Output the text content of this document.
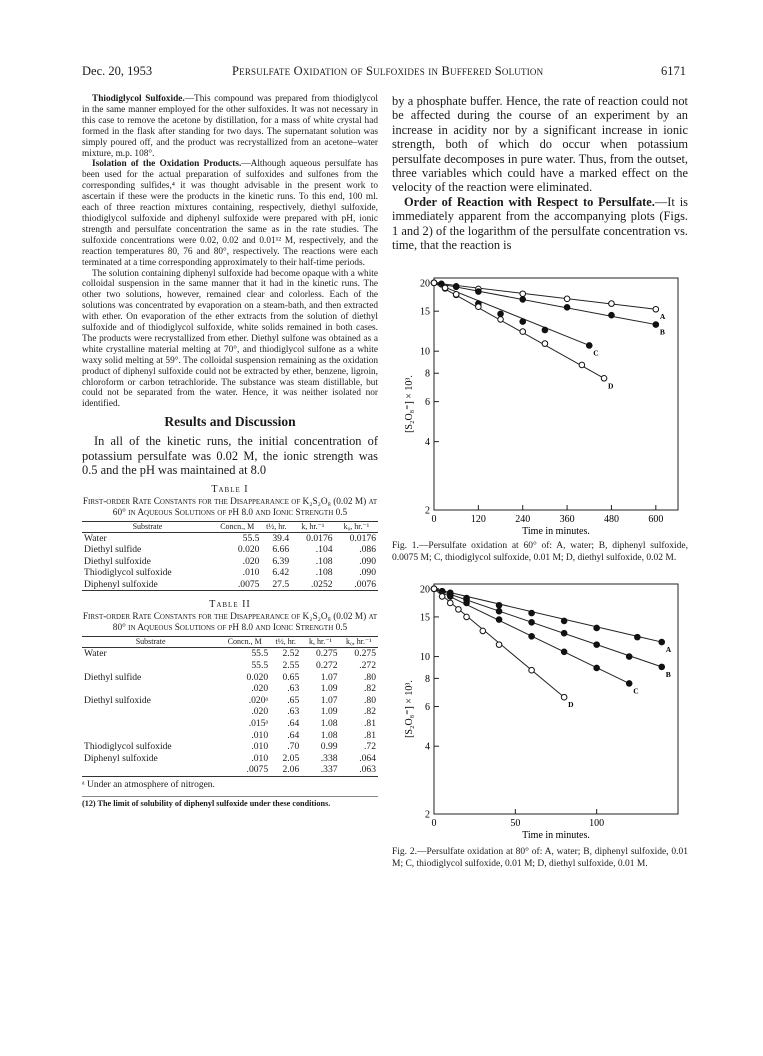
Dec. 20, 1953	Persulfate Oxidation of Sulfoxides in Buffered Solution	6171

Thiodiglycol Sulfoxide.—This compound was prepared from thiodiglycol in the same manner employed for the other sulfoxides. It was not necessary in this case to remove the acetone by distillation, for a mass of white crystal had formed in the flask after standing for two days. The supernatant solution was simply poured off, and the product was recrystallized from an acetone–water mixture, m.p. 108°.

Isolation of the Oxidation Products.—Although aqueous persulfate has been used for the actual preparation of sulfoxides and sulfones from the corresponding sulfides,⁴ it was thought advisable in the present work to ascertain if these were the products in the kinetic runs. To this end, 100 ml. each of three reaction mixtures containing, respectively, diethyl sulfoxide, thiodiglycol sulfoxide and diphenyl sulfoxide were prepared with pH, ionic strength and persulfate concentration the same as in the rate studies. The sulfoxide concentrations were 0.02, 0.02 and 0.01¹² M, respectively, and the reaction temperatures 80, 76 and 80°, respectively. The reactions were each terminated at a time corresponding approximately to their half-time periods.

The solution containing diphenyl sulfoxide had become opaque with a white colloidal suspension in the same manner that it had in the kinetic runs. The other two solutions, however, remained clear and colorless. Each of the solutions was concentrated by evaporation on a steam-bath, and then extracted with ether. On evaporation of the ether extracts from the solution of diethyl sulfoxide and of thiodiglycol sulfoxide, white solids remained in both cases. The products were recrystallized from ether. Diethyl sulfone was obtained as a white crystalline material melting at 70°, and thiodiglycol sulfone as a white waxy solid melting at 59°. The colloidal suspension remaining as the oxidation product of diphenyl sulfoxide could not be extracted by ether, benzene, ligroin, chloroform or carbon tetrachloride. The substance was steam distillable, but could not be separated from the water. Hence, it was neither isolated nor identified.

Results and Discussion

In all of the kinetic runs, the initial concentration of potassium persulfate was 0.02 M, the ionic strength was 0.5 and the pH was maintained at 8.0

Table I
First-order Rate Constants for the Disappearance of K₂S₂O₈ (0.02 M) at 60° in Aqueous Solutions of pH 8.0 and Ionic Strength 0.5
Substrate	Concn., M	t½, hr.	k, hr.⁻¹	k₀, hr.⁻¹
Water	55.5	39.4	0.0176	0.0176
Diethyl sulfide	0.020	6.66	.104	.086
Diethyl sulfoxide	.020	6.39	.108	.090
Thiodiglycol sulfoxide	.010	6.42	.108	.090
Diphenyl sulfoxide	.0075	27.5	.0252	.0076
Table II
First-order Rate Constants for the Disappearance of K₂S₂O₈ (0.02 M) at 80° in Aqueous Solutions of pH 8.0 and Ionic Strength 0.5
Substrate	Concn., M	t½, hr.	k, hr.⁻¹	k₀, hr.⁻¹
Water	55.5	2.52	0.275	0.275
	55.5	2.55	0.272	.272
Diethyl sulfide	0.020	0.65	1.07	.80
	.020	.63	1.09	.82
Diethyl sulfoxide	.020ᵃ	.65	1.07	.80
	.020	.63	1.09	.82
	.015ᵃ	.64	1.08	.81
	.010	.64	1.08	.81
Thiodiglycol sulfoxide	.010	.70	0.99	.72
Diphenyl sulfoxide	.010	2.05	.338	.064
	.0075	2.06	.337	.063
ᵃ Under an atmosphere of nitrogen.
(12) The limit of solubility of diphenyl sulfoxide under these conditions.

by a phosphate buffer. Hence, the rate of reaction could not be affected during the course of an experiment by an increase in acidity nor by a significant increase in ionic strength, both of which do occur when potassium persulfate decomposes in pure water. Thus, from the outset, three variables which could have a marked effect on the velocity of the reaction were eliminated.

Order of Reaction with Respect to Persulfate.—It is immediately apparent from the accompanying plots (Figs. 1 and 2) of the logarithm of the persulfate concentration vs. time, that the reaction is

2
4
6
8
10
15
20
0	120	240	360	480	600
Time in minutes.
[S₂O₈⁼] × 10³.
A
B
C
D

Fig. 1.—Persulfate oxidation at 60° of: A, water; B, diphenyl sulfoxide, 0.0075 M; C, thiodiglycol sulfoxide, 0.01 M; D, diethyl sulfoxide, 0.02 M.

2
4
6
8
10
15
20
0	50	100
Time in minutes.
[S₂O₈⁼] × 10³.
A
B
C
D

Fig. 2.—Persulfate oxidation at 80° of: A, water; B, diphenyl sulfoxide, 0.01 M; C, thiodiglycol sulfoxide, 0.01 M; D, diethyl sulfoxide, 0.01 M.
